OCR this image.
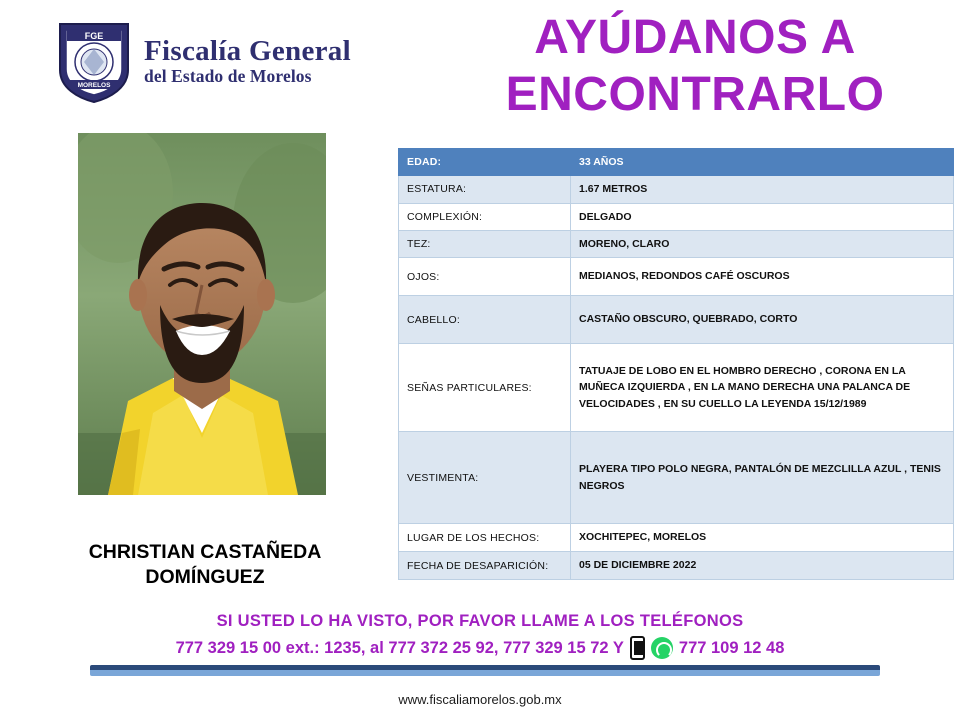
FGE
MORELOS
Fiscalía General
del Estado de Morelos
AYÚDANOS A ENCONTRARLO
CHRISTIAN CASTAÑEDA DOMÍNGUEZ
EDAD:	33 AÑOS
ESTATURA:	1.67 METROS
COMPLEXIÓN:	DELGADO
TEZ:	MORENO, CLARO
OJOS:	MEDIANOS, REDONDOS CAFÉ OSCUROS
CABELLO:	CASTAÑO OBSCURO, QUEBRADO, CORTO
SEÑAS PARTICULARES:	TATUAJE DE LOBO EN EL HOMBRO DERECHO , CORONA EN LA MUÑECA IZQUIERDA , EN LA MANO DERECHA UNA PALANCA DE VELOCIDADES , EN SU CUELLO LA LEYENDA 15/12/1989
VESTIMENTA:	PLAYERA TIPO POLO NEGRA, PANTALÓN DE MEZCLILLA AZUL , TENIS NEGROS
LUGAR DE LOS HECHOS:	XOCHITEPEC, MORELOS
FECHA DE DESAPARICIÓN:	05 DE DICIEMBRE 2022
SI USTED LO HA VISTO, POR FAVOR LLAME A LOS TELÉFONOS
777 329 15 00 ext.: 1235, al 777 372 25 92, 777 329 15 72 Y	777 109 12 48
www.fiscaliamorelos.gob.mx
